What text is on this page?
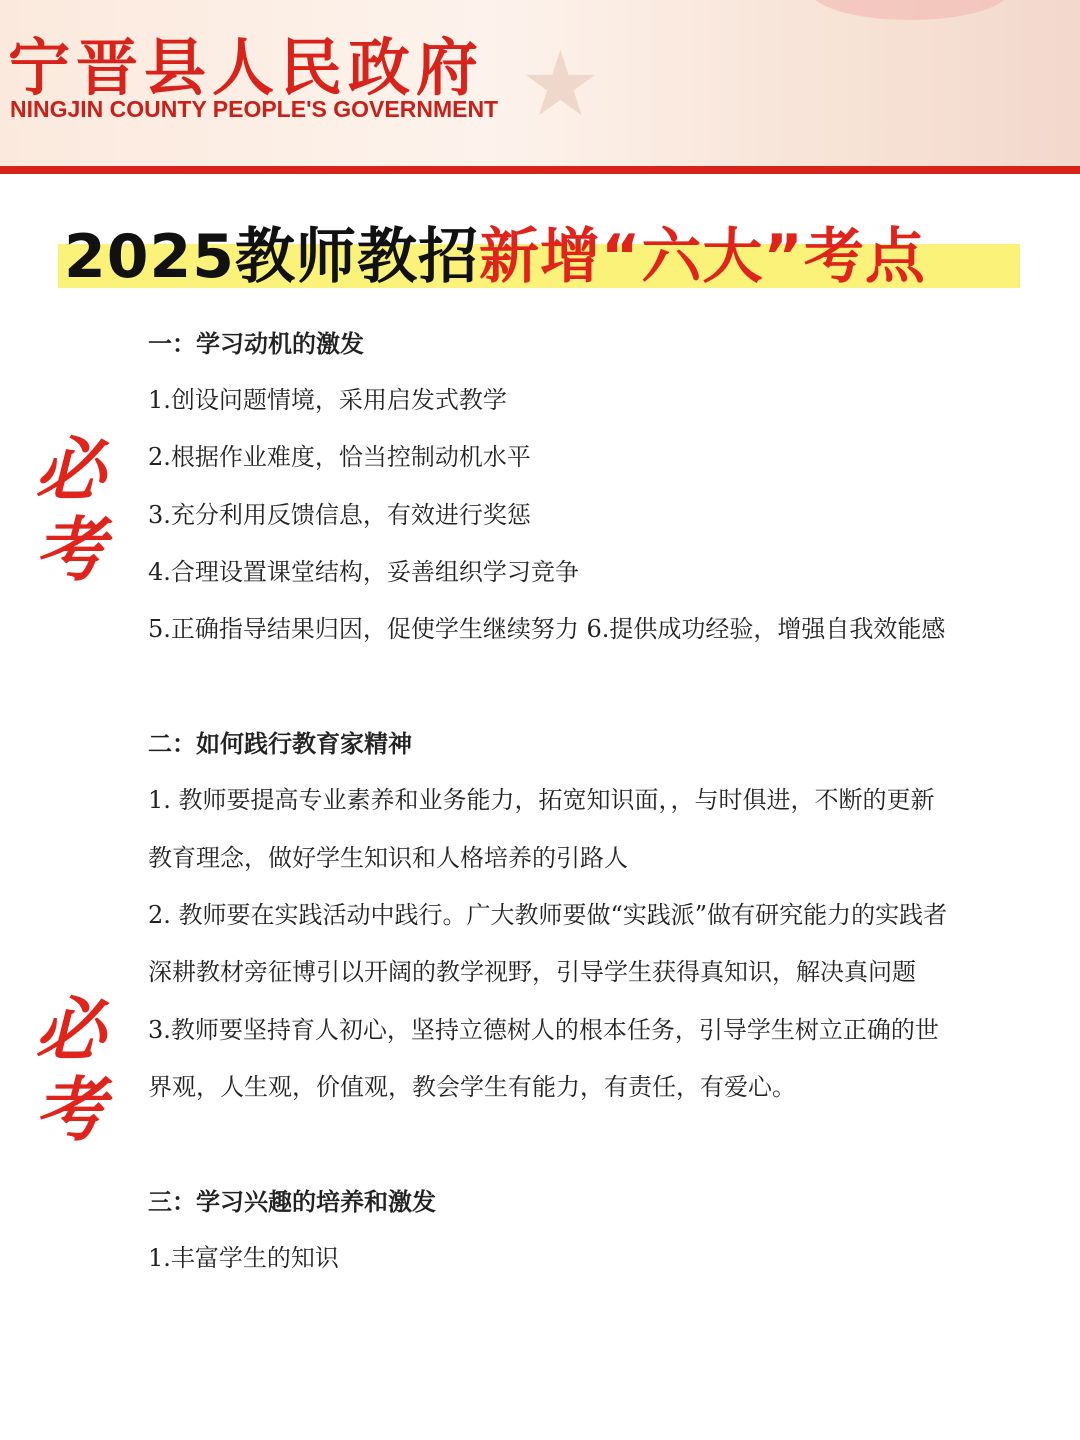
★
宁晋县人民政府
NINGJIN COUNTY PEOPLE'S GOVERNMENT
2025教师教招新增“六大”考点
必
考
必
考
一：学习动机的激发
1.创设问题情境，采用启发式教学
2.根据作业难度，恰当控制动机水平
3.充分利用反馈信息，有效进行奖惩
4.合理设置课堂结构，妥善组织学习竞争
5.正确指导结果归因，促使学生继续努力 6.提供成功经验，增强自我效能感
二：如何践行教育家精神
1. 教师要提高专业素养和业务能力，拓宽知识面，，与时俱进，不断的更新教育理念，做好学生知识和人格培养的引路人
2. 教师要在实践活动中践行。广大教师要做“实践派”做有研究能力的实践者深耕教材旁征博引以开阔的教学视野，引导学生获得真知识，解决真问题
3.教师要坚持育人初心，坚持立德树人的根本任务，引导学生树立正确的世界观，人生观，价值观，教会学生有能力，有责任，有爱心。
三：学习兴趣的培养和激发
1.丰富学生的知识
